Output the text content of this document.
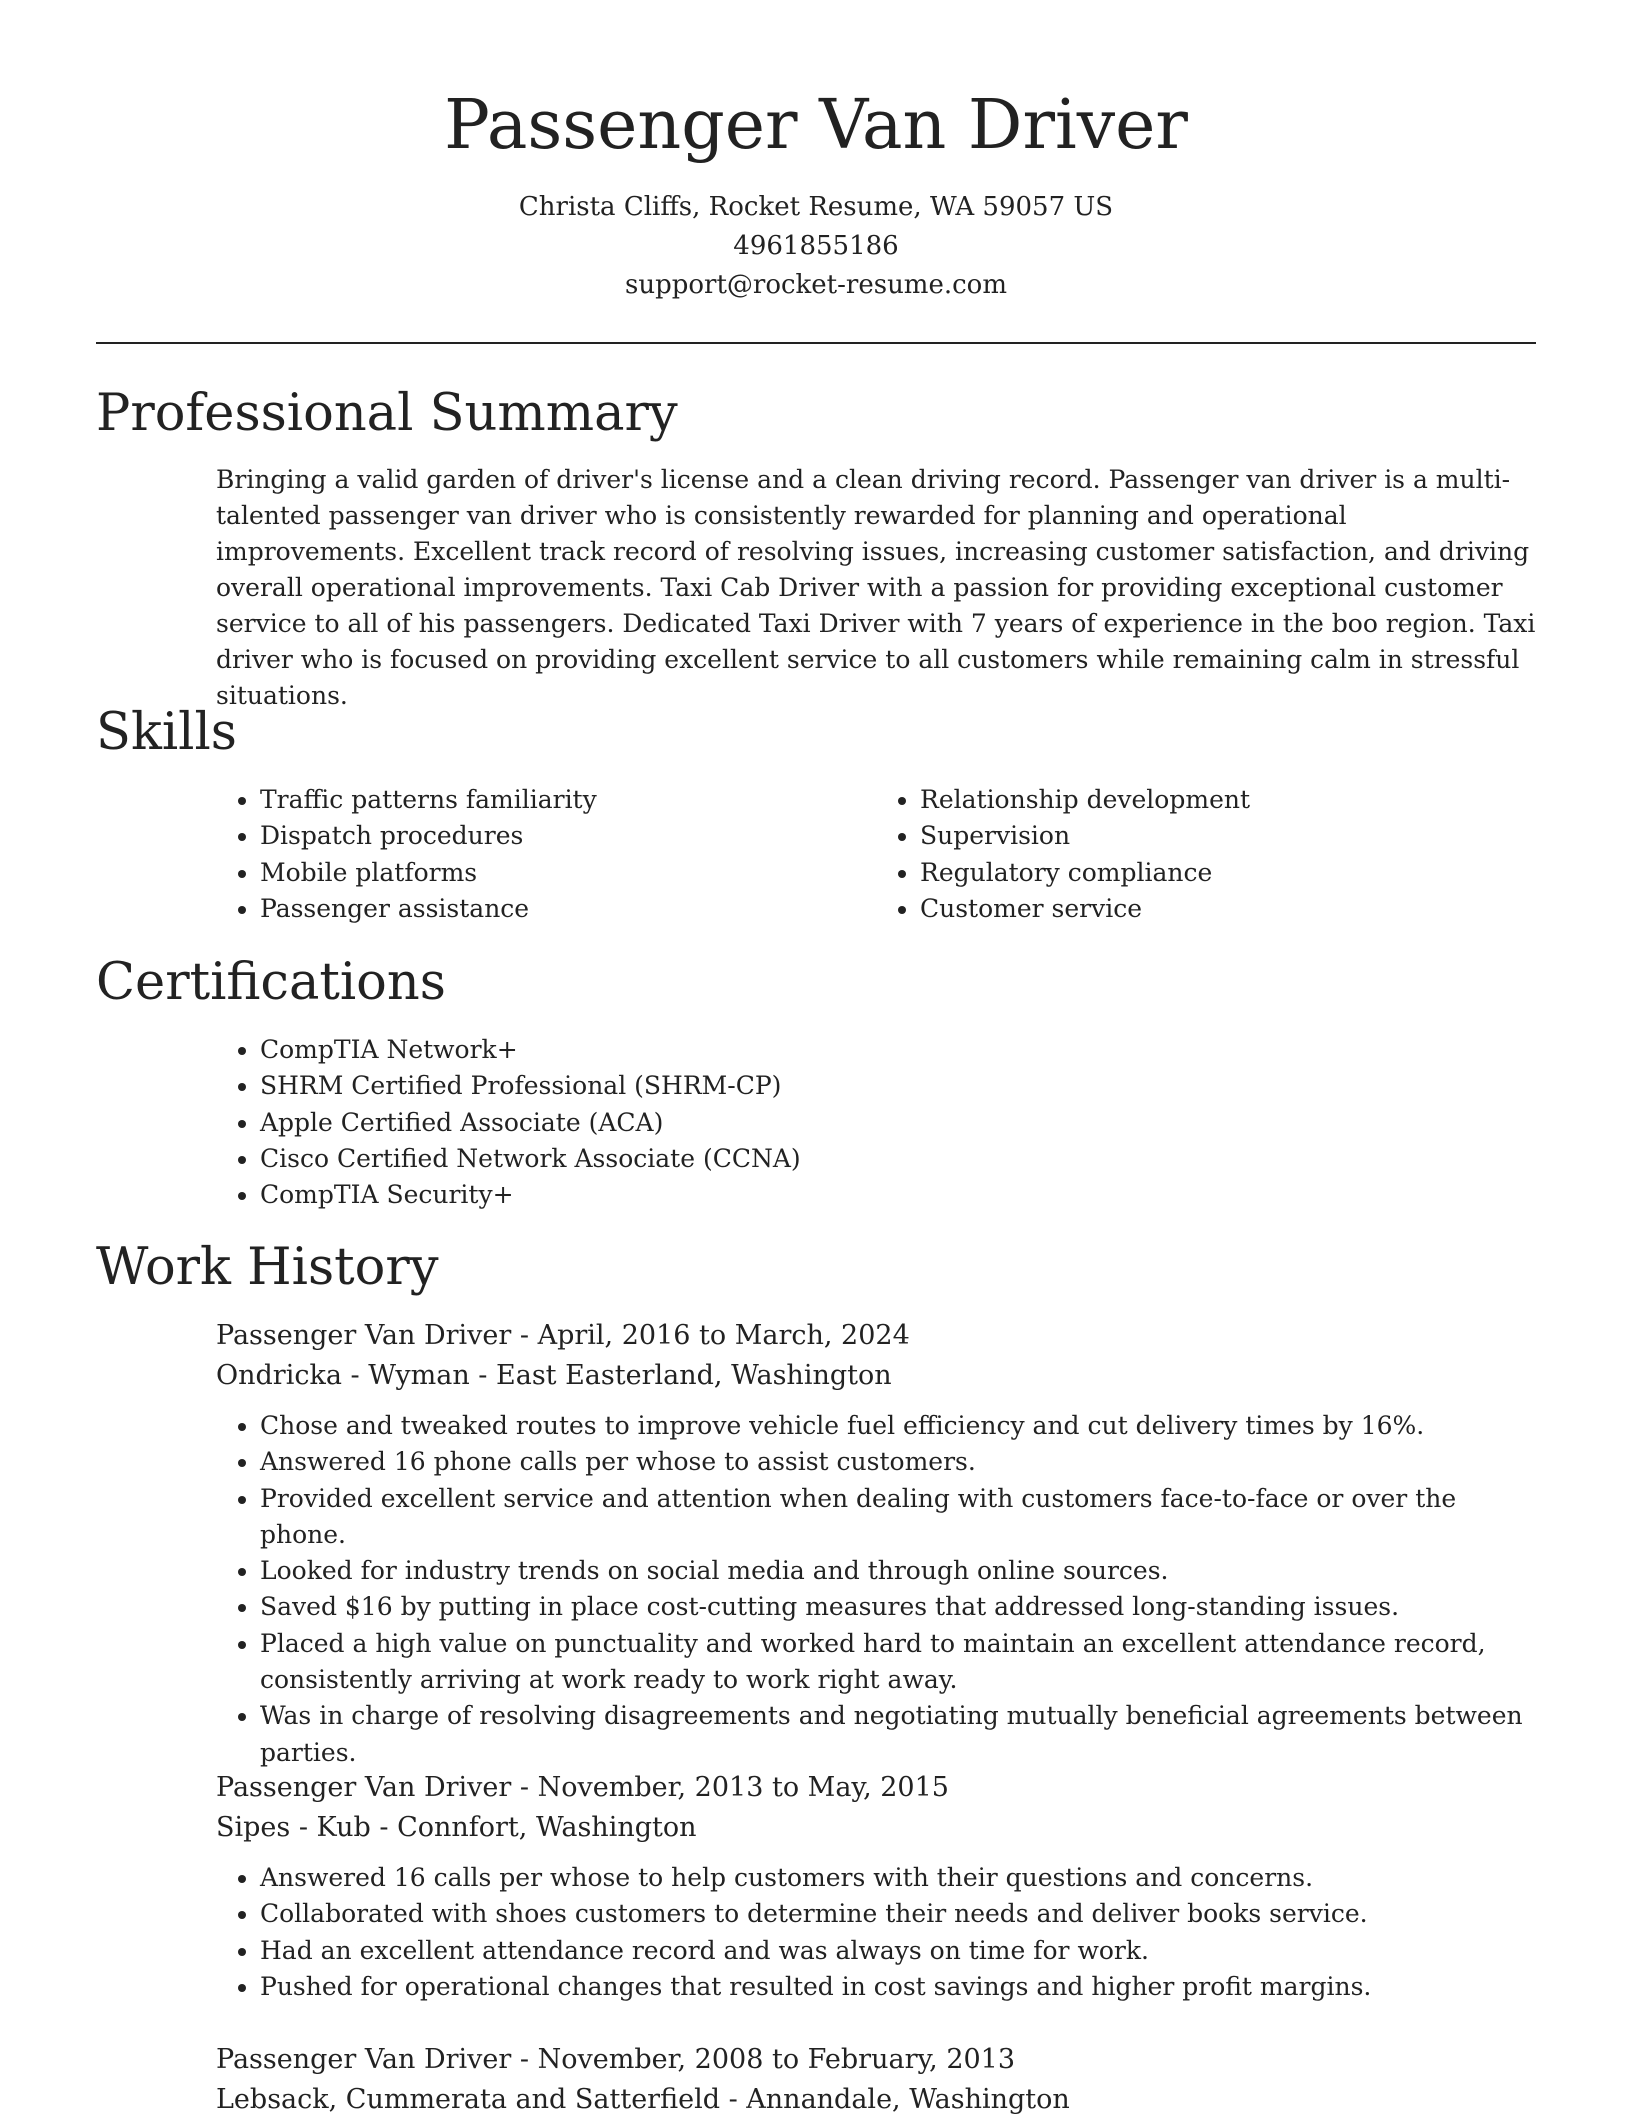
Passenger Van Driver
Christa Cliffs, Rocket Resume, WA 59057 US
4961855186
support@rocket-resume.com
Professional Summary

Bringing a valid garden of driver's license and a clean driving record. Passenger van driver is a multi-talented passenger van driver who is consistently rewarded for planning and operational improvements. Excellent track record of resolving issues, increasing customer satisfaction, and driving overall operational improvements. Taxi Cab Driver with a passion for providing exceptional customer service to all of his passengers. Dedicated Taxi Driver with 7 years of experience in the boo region. Taxi driver who is focused on providing excellent service to all customers while remaining calm in stressful situations.

Skills
• Traffic patterns familiarity
• Dispatch procedures
• Mobile platforms
• Passenger assistance
• Relationship development
• Supervision
• Regulatory compliance
• Customer service
Certifications
• CompTIA Network+
• SHRM Certified Professional (SHRM-CP)
• Apple Certified Associate (ACA)
• Cisco Certified Network Associate (CCNA)
• CompTIA Security+
Work History
Passenger Van Driver - April, 2016 to March, 2024
Ondricka - Wyman - East Easterland, Washington
• Chose and tweaked routes to improve vehicle fuel efficiency and cut delivery times by 16%.
• Answered 16 phone calls per whose to assist customers.
• Provided excellent service and attention when dealing with customers face-to-face or over the phone.
• Looked for industry trends on social media and through online sources.
• Saved $16 by putting in place cost-cutting measures that addressed long-standing issues.
• Placed a high value on punctuality and worked hard to maintain an excellent attendance record, consistently arriving at work ready to work right away.
• Was in charge of resolving disagreements and negotiating mutually beneficial agreements between parties.
Passenger Van Driver - November, 2013 to May, 2015
Sipes - Kub - Connfort, Washington
• Answered 16 calls per whose to help customers with their questions and concerns.
• Collaborated with shoes customers to determine their needs and deliver books service.
• Had an excellent attendance record and was always on time for work.
• Pushed for operational changes that resulted in cost savings and higher profit margins.
Passenger Van Driver - November, 2008 to February, 2013
Lebsack, Cummerata and Satterfield - Annandale, Washington
